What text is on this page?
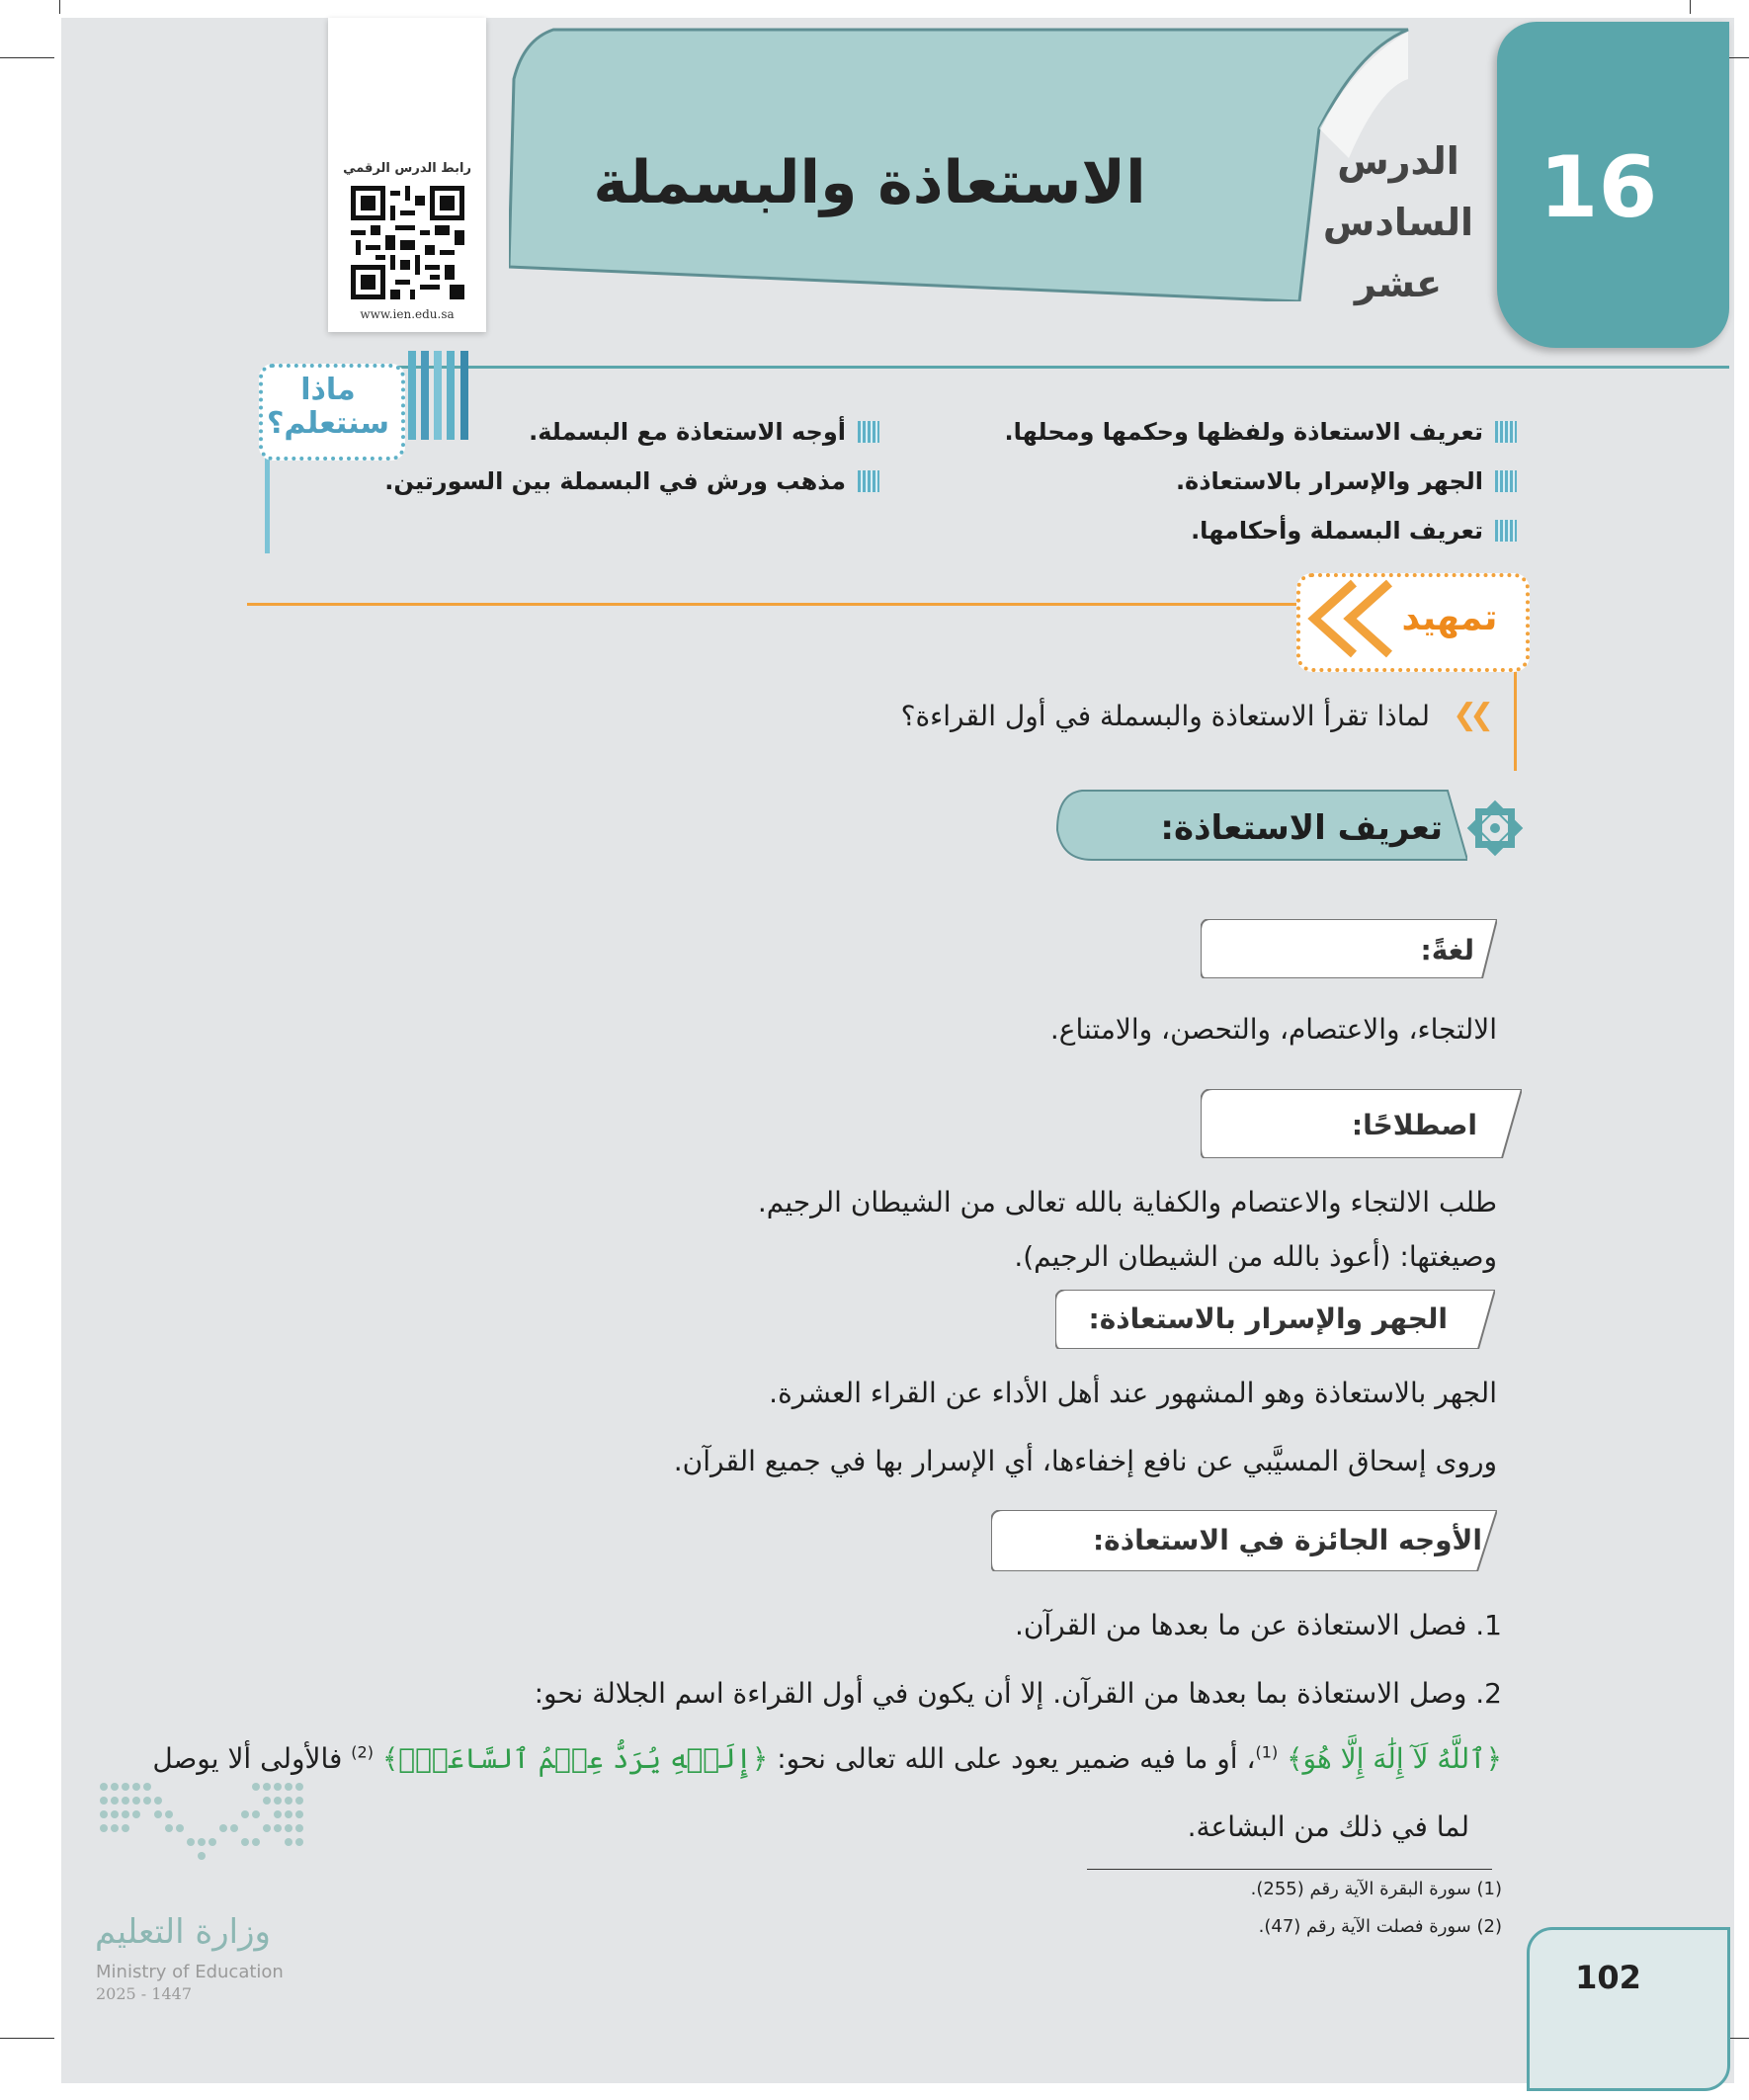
16
الدرس
السادس
عشر
الاستعاذة والبسملة
رابط الدرس الرقمي
www.ien.edu.sa
ماذا
سنتعلم؟	تعريف الاستعاذة ولفظها وحكمها ومحلها.
الجهر والإسرار بالاستعاذة.
تعريف البسملة وأحكامها.
أوجه الاستعاذة مع البسملة.
مذهب ورش في البسملة بين السورتين.
تمهيد
❮❮
لماذا تقرأ الاستعاذة والبسملة في أول القراءة؟
تعريف الاستعاذة:
لغةً:
الالتجاء، والاعتصام، والتحصن، والامتناع.
اصطلاحًا:
طلب الالتجاء والاعتصام والكفاية بالله تعالى من الشيطان الرجيم.
وصيغتها: (أعوذ بالله من الشيطان الرجيم).
الجهر والإسرار بالاستعاذة:
الجهر بالاستعاذة وهو المشهور عند أهل الأداء عن القراء العشرة.
وروى إسحاق المسيَّبي عن نافع إخفاءها، أي الإسرار بها في جميع القرآن.
الأوجه الجائزة في الاستعاذة:
1. فصل الاستعاذة عن ما بعدها من القرآن.
2. وصل الاستعاذة بما بعدها من القرآن. إلا أن يكون في أول القراءة اسم الجلالة نحو:
﴿ٱللَّهُ لَآ إِلَٰهَ إِلَّا هُوَ﴾ $^{(1)}$، أو ما فيه ضمير يعود على الله تعالى نحو: ﴿إِلَيۡهِ يُرَدُّ عِلۡمُ ٱلسَّاعَةِۚ﴾ $^{(2)}$ فالأولى ألا يوصل
لما في ذلك من البشاعة.
(1) سورة البقرة الآية رقم (255).
(2) سورة فصلت الآية رقم (47).
وزارة التعليم
Ministry of Education
2025 - 1447	102
